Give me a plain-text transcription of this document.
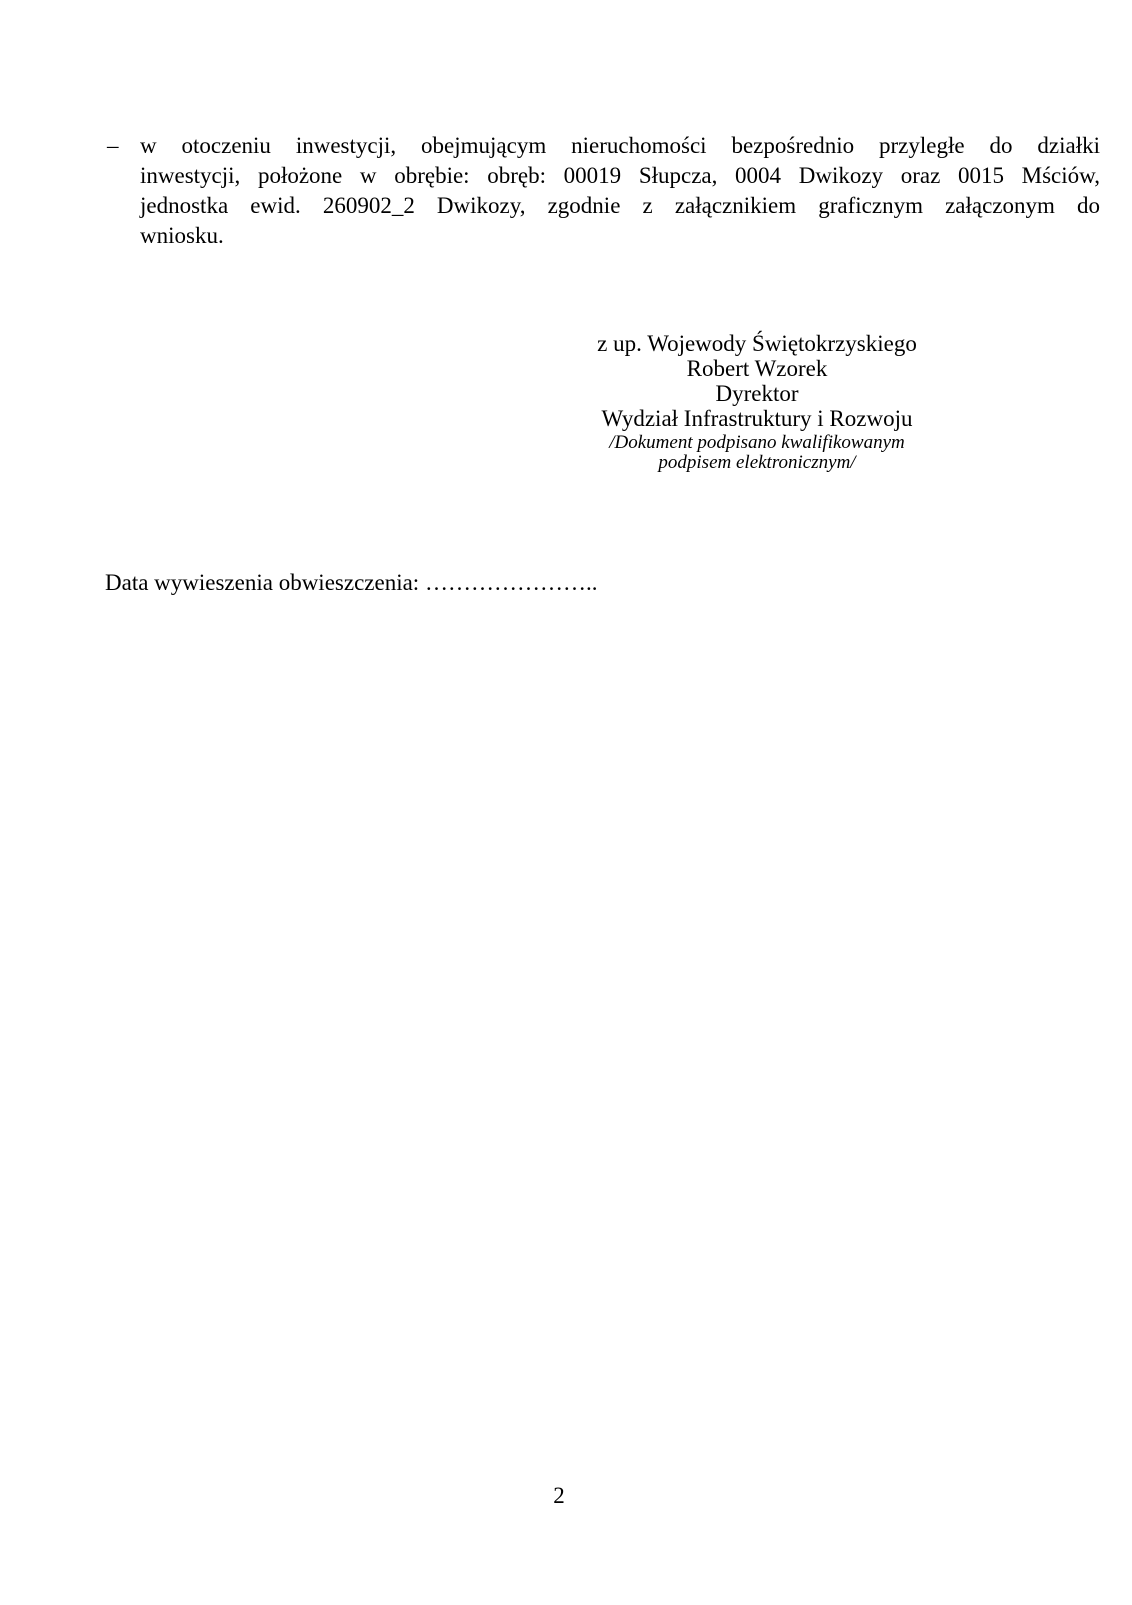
– w otoczeniu inwestycji, obejmującym nieruchomości bezpośrednio przyległe do działki
inwestycji, położone w obrębie: obręb: 00019 Słupcza, 0004 Dwikozy oraz 0015 Mściów,
jednostka ewid. 260902_2 Dwikozy, zgodnie z załącznikiem graficznym załączonym do
wniosku.
z up. Wojewody Świętokrzyskiego
Robert Wzorek
Dyrektor
Wydział Infrastruktury i Rozwoju
/Dokument podpisano kwalifikowanym
podpisem elektronicznym/
Data wywieszenia obwieszczenia: …………………..
2
